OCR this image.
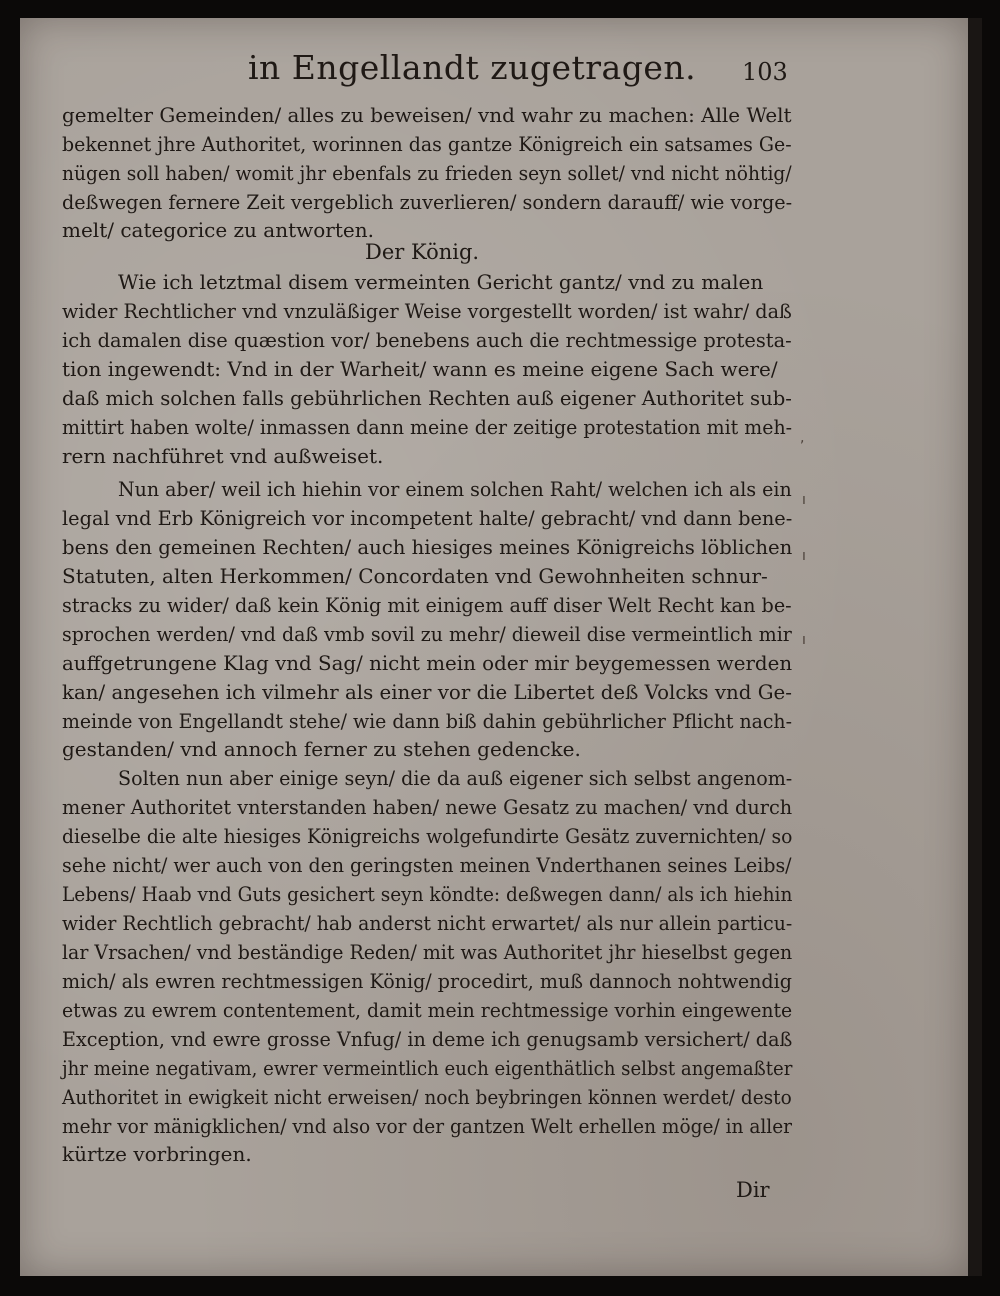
in Engellandt zugetragen. 103
gemelter Gemeinden/ alles zu beweisen/ vnd wahr zu machen: Alle Welt
bekennet jhre Authoritet, worinnen das gantze Königreich ein satsames Ge-
nügen soll haben/ womit jhr ebenfals zu frieden seyn sollet/ vnd nicht nöhtig/
deßwegen fernere Zeit vergeblich zuverlieren/ sondern darauff/ wie vorge-
melt/ categorice zu antworten.
Der König.
Wie ich letztmal disem vermeinten Gericht gantz/ vnd zu malen
wider Rechtlicher vnd vnzuläßiger Weise vorgestellt worden/ ist wahr/ daß
ich damalen dise quæstion vor/ benebens auch die rechtmessige protesta-
tion ingewendt: Vnd in der Warheit/ wann es meine eigene Sach were/
daß mich solchen falls gebührlichen Rechten auß eigener Authoritet sub-
mittirt haben wolte/ inmassen dann meine der zeitige protestation mit meh-
rern nachführet vnd außweiset.
Nun aber/ weil ich hiehin vor einem solchen Raht/ welchen ich als ein
legal vnd Erb Königreich vor incompetent halte/ gebracht/ vnd dann bene-
bens den gemeinen Rechten/ auch hiesiges meines Königreichs löblichen
Statuten, alten Herkommen/ Concordaten vnd Gewohnheiten schnur-
stracks zu wider/ daß kein König mit einigem auff diser Welt Recht kan be-
sprochen werden/ vnd daß vmb sovil zu mehr/ dieweil dise vermeintlich mir
auffgetrungene Klag vnd Sag/ nicht mein oder mir beygemessen werden
kan/ angesehen ich vilmehr als einer vor die Libertet deß Volcks vnd Ge-
meinde von Engellandt stehe/ wie dann biß dahin gebührlicher Pflicht nach-
gestanden/ vnd annoch ferner zu stehen gedencke.
Solten nun aber einige seyn/ die da auß eigener sich selbst angenom-
mener Authoritet vnterstanden haben/ newe Gesatz zu machen/ vnd durch
dieselbe die alte hiesiges Königreichs wolgefundirte Gesätz zuvernichten/ so
sehe nicht/ wer auch von den geringsten meinen Vnderthanen seines Leibs/
Lebens/ Haab vnd Guts gesichert seyn köndte: deßwegen dann/ als ich hiehin
wider Rechtlich gebracht/ hab anderst nicht erwartet/ als nur allein particu-
lar Vrsachen/ vnd beständige Reden/ mit was Authoritet jhr hieselbst gegen
mich/ als ewren rechtmessigen König/ procedirt, muß dannoch nohtwendig
etwas zu ewrem contentement, damit mein rechtmessige vorhin eingewente
Exception, vnd ewre grosse Vnfug/ in deme ich genugsamb versichert/ daß
jhr meine negativam, ewrer vermeintlich euch eigenthätlich selbst angemaßter
Authoritet in ewigkeit nicht erweisen/ noch beybringen können werdet/ desto
mehr vor mänigklichen/ vnd also vor der gantzen Welt erhellen möge/ in aller
kürtze vorbringen.
Dir
,
ı
ı
ı
